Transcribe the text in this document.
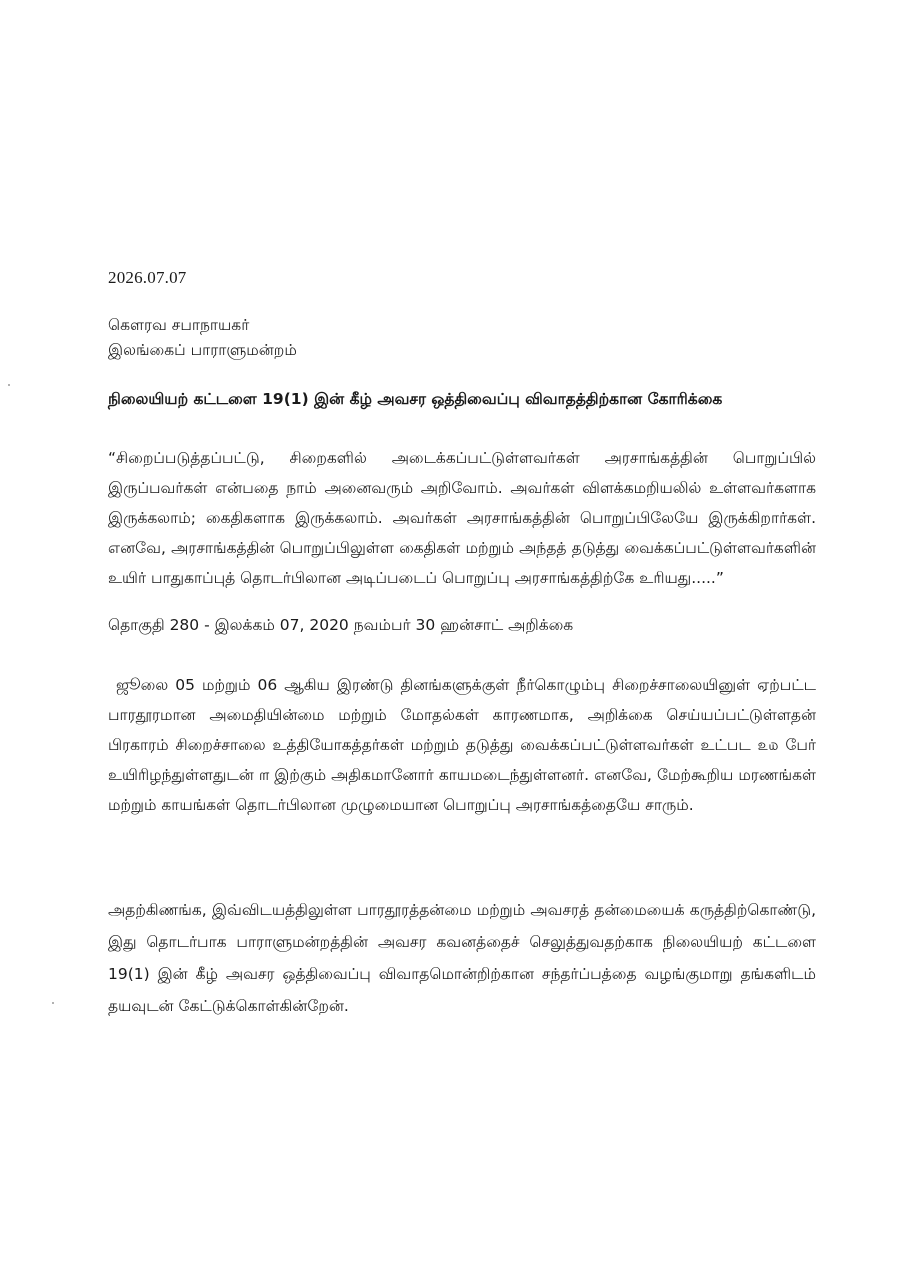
2026.07.07
கௌரவ சபாநாயகர்
இலங்கைப் பாராளுமன்றம்
நிலையியற் கட்டளை 19(1) இன் கீழ் அவசர ஒத்திவைப்பு விவாதத்திற்கான கோரிக்கை
“சிறைப்படுத்தப்பட்டு, சிறைகளில் அடைக்கப்பட்டுள்ளவர்கள் அரசாங்கத்தின் பொறுப்பில் இருப்பவர்கள் என்பதை நாம் அனைவரும் அறிவோம். அவர்கள் விளக்கமறியலில் உள்ளவர்களாக இருக்கலாம்; கைதிகளாக இருக்கலாம். அவர்கள் அரசாங்கத்தின் பொறுப்பிலேயே இருக்கிறார்கள். எனவே, அரசாங்கத்தின் பொறுப்பிலுள்ள கைதிகள் மற்றும் அந்தத் தடுத்து வைக்கப்பட்டுள்ளவர்களின் உயிர் பாதுகாப்புத் தொடர்பிலான அடிப்படைப் பொறுப்பு அரசாங்கத்திற்கே உரியது.....”
தொகுதி 280 - இலக்கம் 07, 2020 நவம்பர் 30 ஹன்சாட் அறிக்கை
ஜூலை 05 மற்றும் 06 ஆகிய இரண்டு தினங்களுக்குள் நீர்கொழும்பு சிறைச்சாலையினுள் ஏற்பட்ட பாரதூரமான அமைதியின்மை மற்றும் மோதல்கள் காரணமாக, அறிக்கை செய்யப்பட்டுள்ளதன் பிரகாரம் சிறைச்சாலை உத்தியோகத்தர்கள் மற்றும் தடுத்து வைக்கப்பட்டுள்ளவர்கள் உட்பட ௨௰ பேர் உயிரிழந்துள்ளதுடன் ௱ இற்கும் அதிகமானோர் காயமடைந்துள்ளனர். எனவே, மேற்கூறிய மரணங்கள் மற்றும் காயங்கள் தொடர்பிலான முழுமையான பொறுப்பு அரசாங்கத்தையே சாரும்.
அதற்கிணங்க, இவ்விடயத்திலுள்ள பாரதூரத்தன்மை மற்றும் அவசரத் தன்மையைக் கருத்திற்கொண்டு, இது தொடர்பாக பாராளுமன்றத்தின் அவசர கவனத்தைச் செலுத்துவதற்காக நிலையியற் கட்டளை 19(1) இன் கீழ் அவசர ஒத்திவைப்பு விவாதமொன்றிற்கான சந்தர்ப்பத்தை வழங்குமாறு தங்களிடம் தயவுடன் கேட்டுக்கொள்கின்றேன்.
